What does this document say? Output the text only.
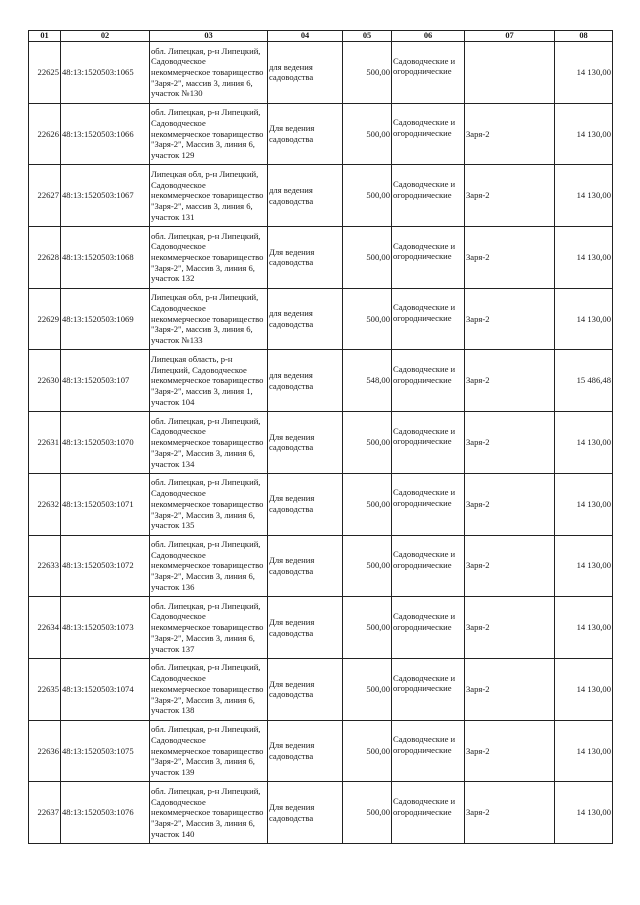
01	02	03	04	05	06	07	08
22625	48:13:1520503:1065	обл. Липецкая, р-н Липецкий, Садоводческое некоммерческое товарищество "Заря-2", массив 3, линия 6, участок №130	для ведения садоводства	500,00	Садоводческие и огороднические		14 130,00
22626	48:13:1520503:1066	обл. Липецкая, р-н Липецкий, Садоводческое некоммерческое товарищество "Заря-2", Массив 3, линия 6, участок 129	Для ведения садоводства	500,00	Садоводческие и огороднические	Заря-2	14 130,00
22627	48:13:1520503:1067	Липецкая обл, р-н Липецкий, Садоводческое некоммерческое товарищество "Заря-2", массив 3, линия 6, участок 131	для ведения садоводства	500,00	Садоводческие и огороднические	Заря-2	14 130,00
22628	48:13:1520503:1068	обл. Липецкая, р-н Липецкий, Садоводческое некоммерческое товарищество "Заря-2", Массив 3, линия 6, участок 132	Для ведения садоводства	500,00	Садоводческие и огороднические	Заря-2	14 130,00
22629	48:13:1520503:1069	Липецкая обл, р-н Липецкий, Садоводческое некоммерческое товарищество "Заря-2", массив 3, линия 6, участок №133	для ведения садоводства	500,00	Садоводческие и огороднические	Заря-2	14 130,00
22630	48:13:1520503:107	Липецкая область, р-н Липецкий, Садоводческое некоммерческое товарищество "Заря-2", массив 3, линия 1, участок 104	для ведения садоводства	548,00	Садоводческие и огороднические	Заря-2	15 486,48
22631	48:13:1520503:1070	обл. Липецкая, р-н Липецкий, Садоводческое некоммерческое товарищество "Заря-2", Массив 3, линия 6, участок 134	Для ведения садоводства	500,00	Садоводческие и огороднические	Заря-2	14 130,00
22632	48:13:1520503:1071	обл. Липецкая, р-н Липецкий, Садоводческое некоммерческое товарищество "Заря-2", Массив 3, линия 6, участок 135	Для ведения садоводства	500,00	Садоводческие и огороднические	Заря-2	14 130,00
22633	48:13:1520503:1072	обл. Липецкая, р-н Липецкий, Садоводческое некоммерческое товарищество "Заря-2", Массив 3, линия 6, участок 136	Для ведения садоводства	500,00	Садоводческие и огороднические	Заря-2	14 130,00
22634	48:13:1520503:1073	обл. Липецкая, р-н Липецкий, Садоводческое некоммерческое товарищество "Заря-2", Массив 3, линия 6, участок 137	Для ведения садоводства	500,00	Садоводческие и огороднические	Заря-2	14 130,00
22635	48:13:1520503:1074	обл. Липецкая, р-н Липецкий, Садоводческое некоммерческое товарищество "Заря-2", Массив 3, линия 6, участок 138	Для ведения садоводства	500,00	Садоводческие и огороднические	Заря-2	14 130,00
22636	48:13:1520503:1075	обл. Липецкая, р-н Липецкий, Садоводческое некоммерческое товарищество "Заря-2", Массив 3, линия 6, участок 139	Для ведения садоводства	500,00	Садоводческие и огороднические	Заря-2	14 130,00
22637	48:13:1520503:1076	обл. Липецкая, р-н Липецкий, Садоводческое некоммерческое товарищество "Заря-2", Массив 3, линия 6, участок 140	Для ведения садоводства	500,00	Садоводческие и огороднические	Заря-2	14 130,00
